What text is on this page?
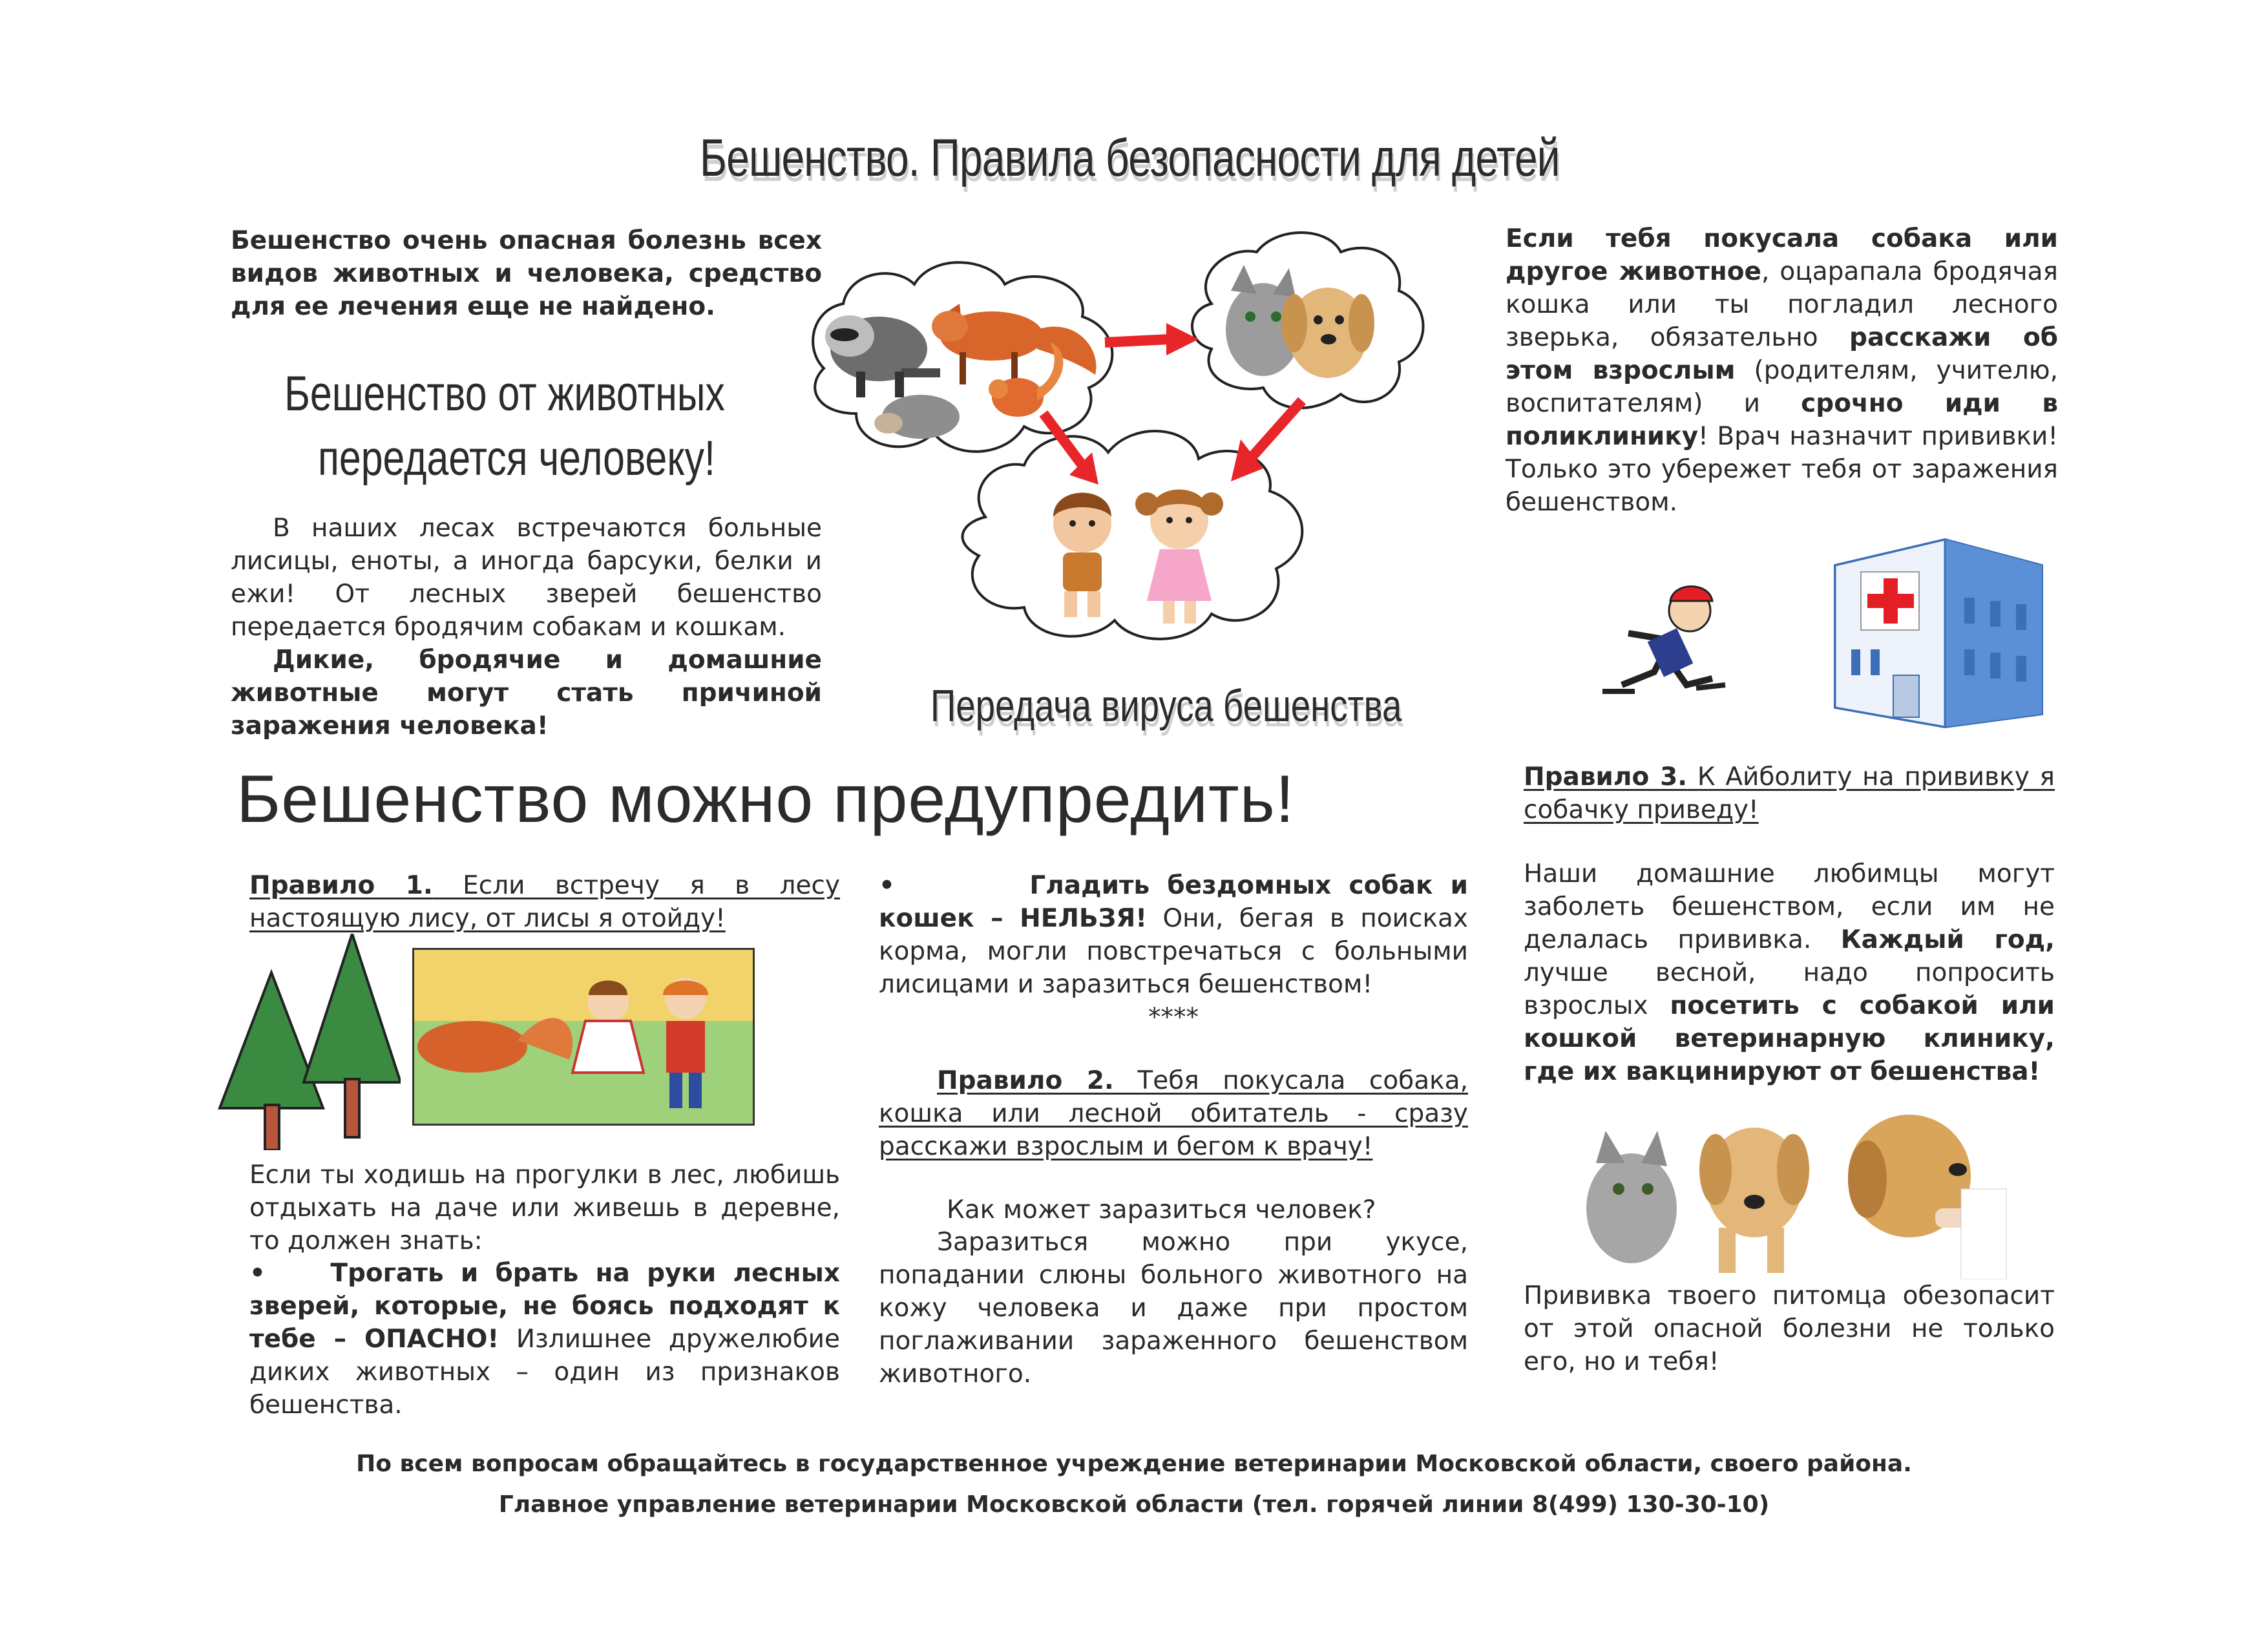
Бешенство. Правила безопасности для детей
Бешенство очень опасная болезнь всех видов животных и человека, средство для ее лечения еще не найдено.
Бешенство от животных
передается человеку!
В наших лесах встречаются больные лисицы, еноты, а иногда барсуки, белки и ежи! От лесных зверей бешенство передается бродячим собакам и кошкам.
Дикие, бродячие и домашние животные могут стать причиной заражения человека!	Передача вируса бешенства
Если тебя покусала собака или другое животное, оцарапала бродячая кошка или ты погладил лесного зверька, обязательно расскажи об этом взрослым (родителям, учителю, воспитателям) и срочно иди в поликлинику! Врач назначит прививки! Только это убережет тебя от заражения бешенством.
Бешенство можно предупредить!
Правило 1. Если встречу я в лесу настоящую лису, от лисы я отойду!
Если ты ходишь на прогулки в лес, любишь отдыхать на даче или живешь в деревне, то должен знать:
•	Трогать и брать на руки лесных зверей, которые, не боясь подходят к тебе – ОПАСНО! Излишнее дружелюбие диких животных – один из признаков бешенства.
•	Гладить бездомных собак и кошек – НЕЛЬЗЯ! Они, бегая в поисках корма, могли повстречаться с больными лисицами и заразиться бешенством!
****
Правило 2. Тебя покусала собака, кошка или лесной обитатель - сразу расскажи взрослым и бегом к врачу!
Как может заразиться человек?
Заразиться можно при укусе, попадании слюны больного животного на кожу человека и даже при простом поглаживании зараженного бешенством животного.
Правило 3. К Айболиту на прививку я собачку приведу!
Наши домашние любимцы могут заболеть бешенством, если им не делалась прививка. Каждый год, лучше весной, надо попросить взрослых посетить с собакой или кошкой ветеринарную клинику, где их вакцинируют от бешенства!
Прививка твоего питомца обезопасит от этой опасной болезни не только его, но и тебя!
По всем вопросам обращайтесь в государственное учреждение ветеринарии Московской области, своего района.
Главное управление ветеринарии Московской области (тел. горячей линии 8(499) 130-30-10)
